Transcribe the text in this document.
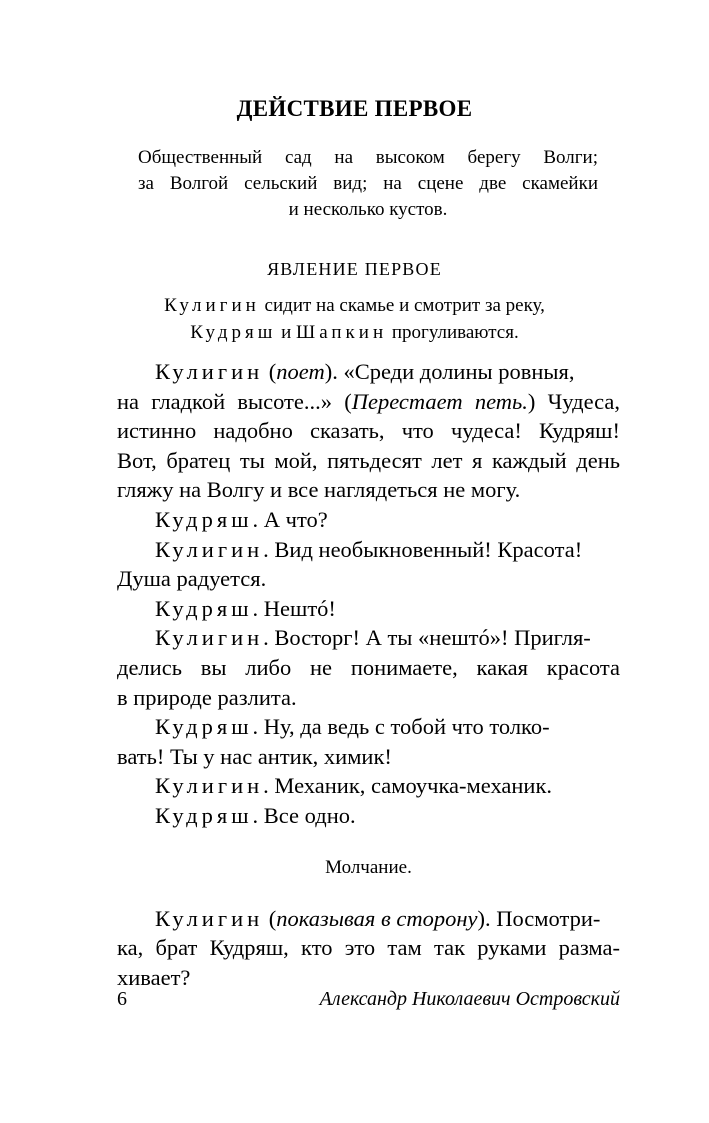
ДЕЙСТВИЕ ПЕРВОЕ
Общественный сад на высоком берегу Волги;
за Волгой сельский вид; на сцене две скамейки
и несколько кустов.
ЯВЛЕНИЕ ПЕРВОЕ
Кулигин сидит на скамье и смотрит за реку,
Кудряш и Шапкин прогуливаются.
Кулигин (поет). «Среди долины ровныя,
на гладкой высоте...» (Перестает петь.) Чудеса,
истинно надобно сказать, что чудеса! Кудряш!
Вот, братец ты мой, пятьдесят лет я каждый день
гляжу на Волгу и все наглядеться не могу.
Кудряш. А что?
Кулигин. Вид необыкновенный! Красота!
Душа радуется.
Кудряш. Нештó!
Кулигин. Восторг! А ты «нештó»! Пригля-
делись вы либо не понимаете, какая красота
в природе разлита.
Кудряш. Ну, да ведь с тобой что толко-
вать! Ты у нас антик, химик!
Кулигин. Механик, самоучка-механик.
Кудряш. Все одно.
Молчание.
Кулигин (показывая в сторону). Посмотри-
ка, брат Кудряш, кто это там так руками разма-
хивает?
6	Александр Николаевич Островский
